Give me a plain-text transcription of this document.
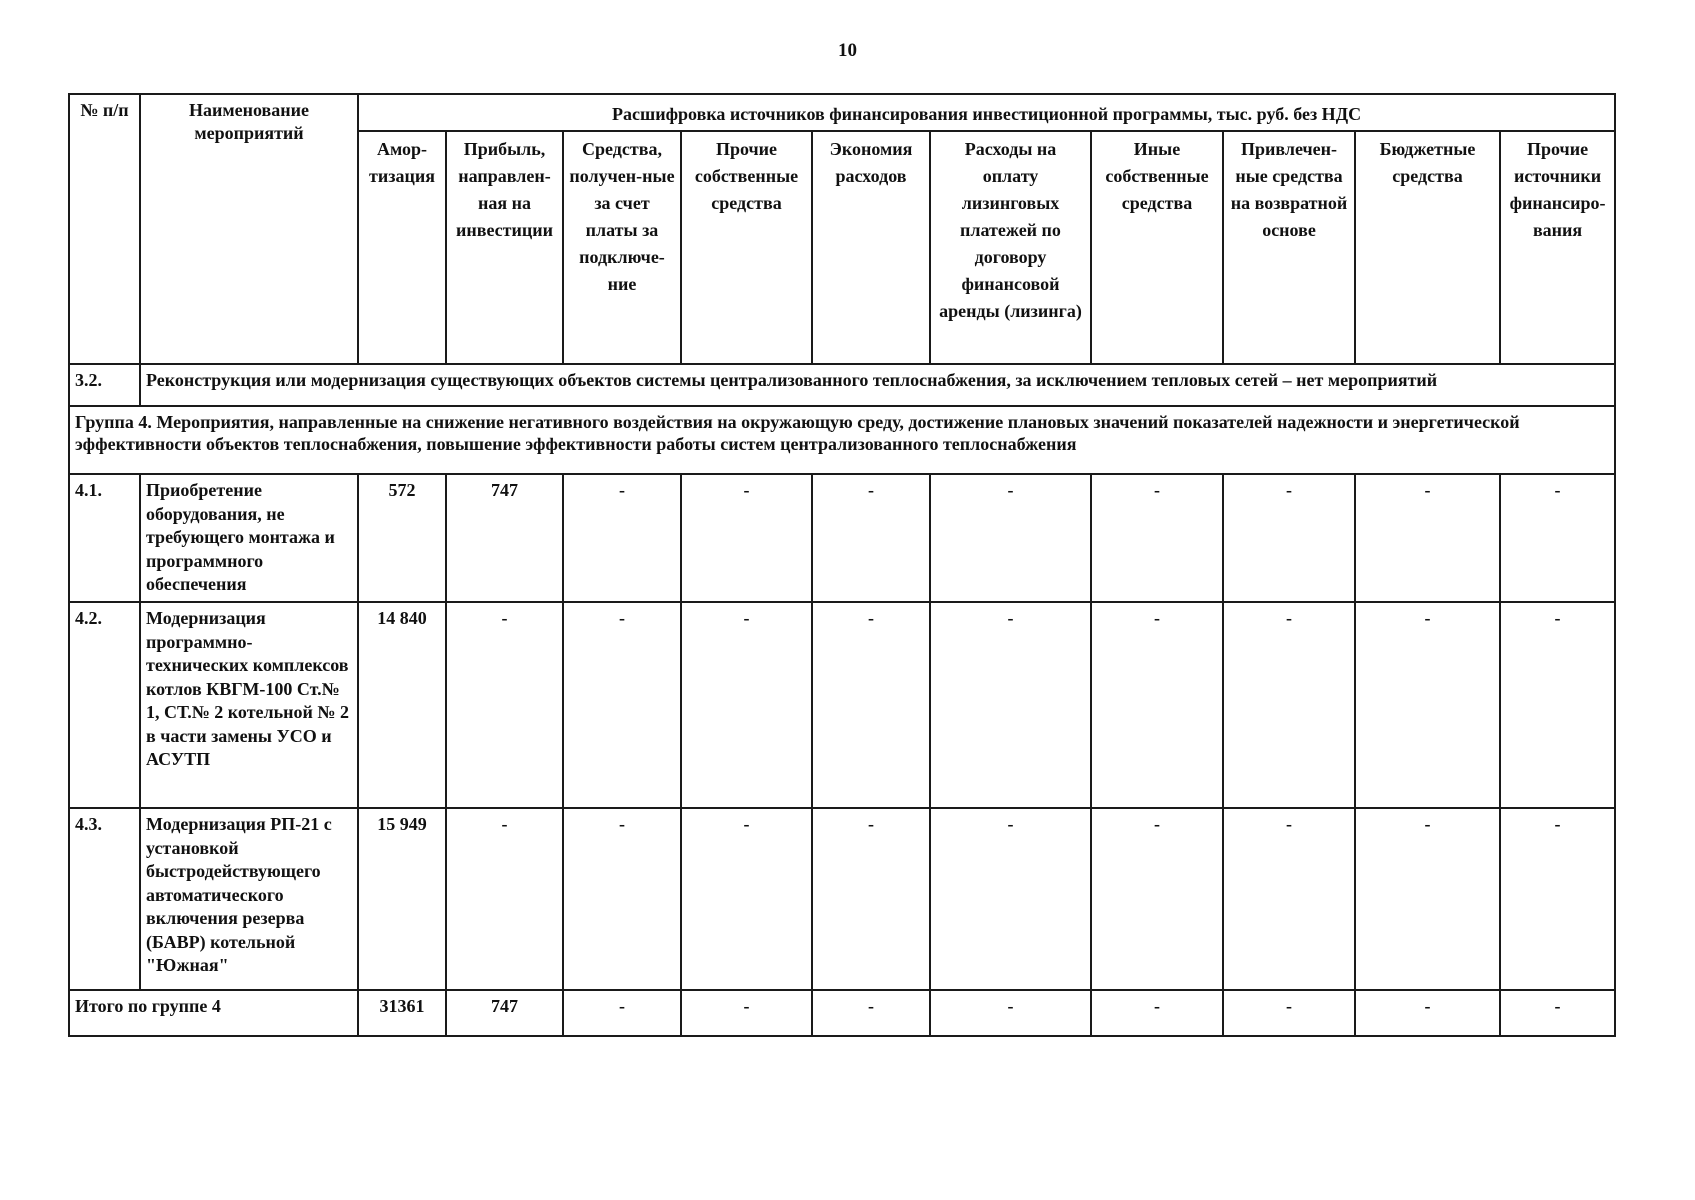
10
№ п/п	Наименование мероприятий	Расшифровка источников финансирования инвестиционной программы, тыс. руб. без НДС									
		Амор-тизация	Прибыль, направлен-ная на инвестиции	Средства, получен-ные за счет платы за подключе-ние	Прочие собственные средства	Экономия расходов	Расходы на оплату лизинговых платежей по договору финансовой аренды (лизинга)	Иные собственные средства	Привлечен-ные средства на возвратной основе	Бюджетные средства	Прочие источники финансиро-вания
3.2.	Реконструкция или модернизация существующих объектов системы централизованного теплоснабжения, за исключением тепловых сетей – нет мероприятий										
Группа 4. Мероприятия, направленные на снижение негативного воздействия на окружающую среду, достижение плановых значений показателей надежности и энергетической эффективности объектов теплоснабжения, повышение эффективности работы систем централизованного теплоснабжения											
4.1.	Приобретение оборудования, не требующего монтажа и программного обеспечения	572	747	-	-	-	-	-	-	-	-
4.2.	Модернизация программно-технических комплексов котлов КВГМ-100 Ст.№ 1, СТ.№ 2 котельной № 2 в части замены УСО и АСУТП	14 840	-	-	-	-	-	-	-	-	-
4.3.	Модернизация РП-21 с установкой быстродействующего автоматического включения резерва (БАВР) котельной "Южная"	15 949	-	-	-	-	-	-	-	-	-
Итого по группе 4		31361	747	-	-	-	-	-	-	-	-
